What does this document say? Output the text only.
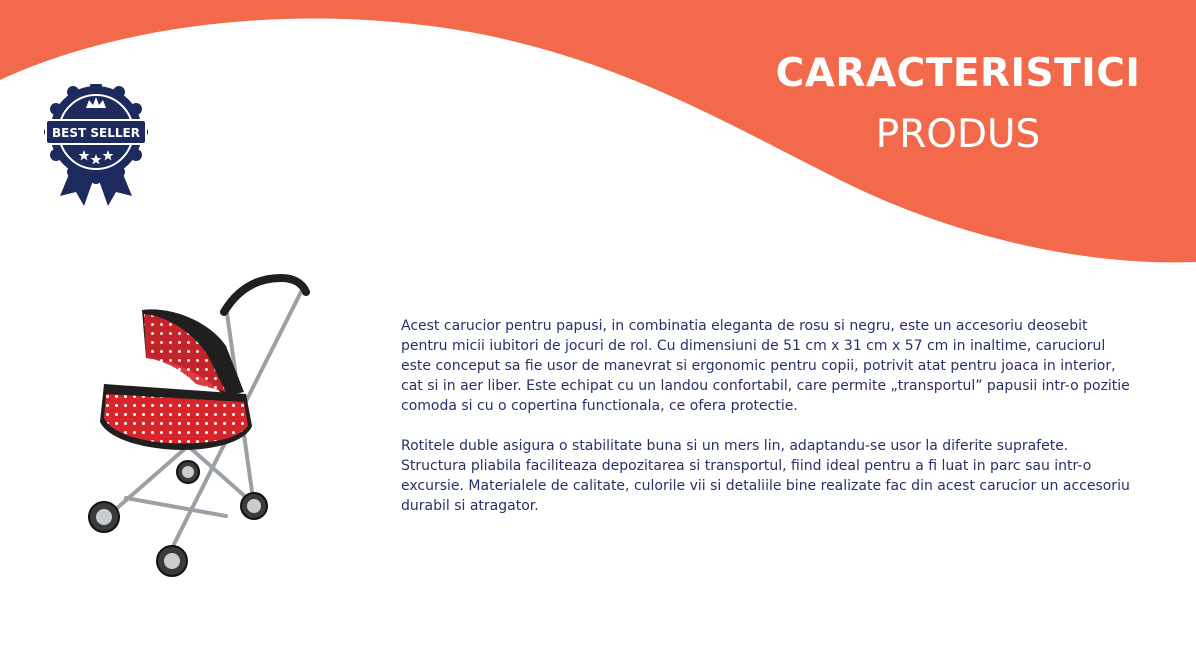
BEST SELLER
CARACTERISTICI
PRODUS

Acest carucior pentru papusi, in combinatia eleganta de rosu si negru, este un accesoriu deosebit pentru micii iubitori de jocuri de rol. Cu dimensiuni de 51 cm x 31 cm x 57 cm in inaltime, caruciorul este conceput sa fie usor de manevrat si ergonomic pentru copii, potrivit atat pentru joaca in interior, cat si in aer liber. Este echipat cu un landou confortabil, care permite „transportul” papusii intr-o pozitie comoda si cu o copertina functionala, ce ofera protectie.

Rotitele duble asigura o stabilitate buna si un mers lin, adaptandu-se usor la diferite suprafete. Structura pliabila faciliteaza depozitarea si transportul, fiind ideal pentru a fi luat in parc sau intr-o excursie. Materialele de calitate, culorile vii si detaliile bine realizate fac din acest carucior un accesoriu durabil si atragator.
